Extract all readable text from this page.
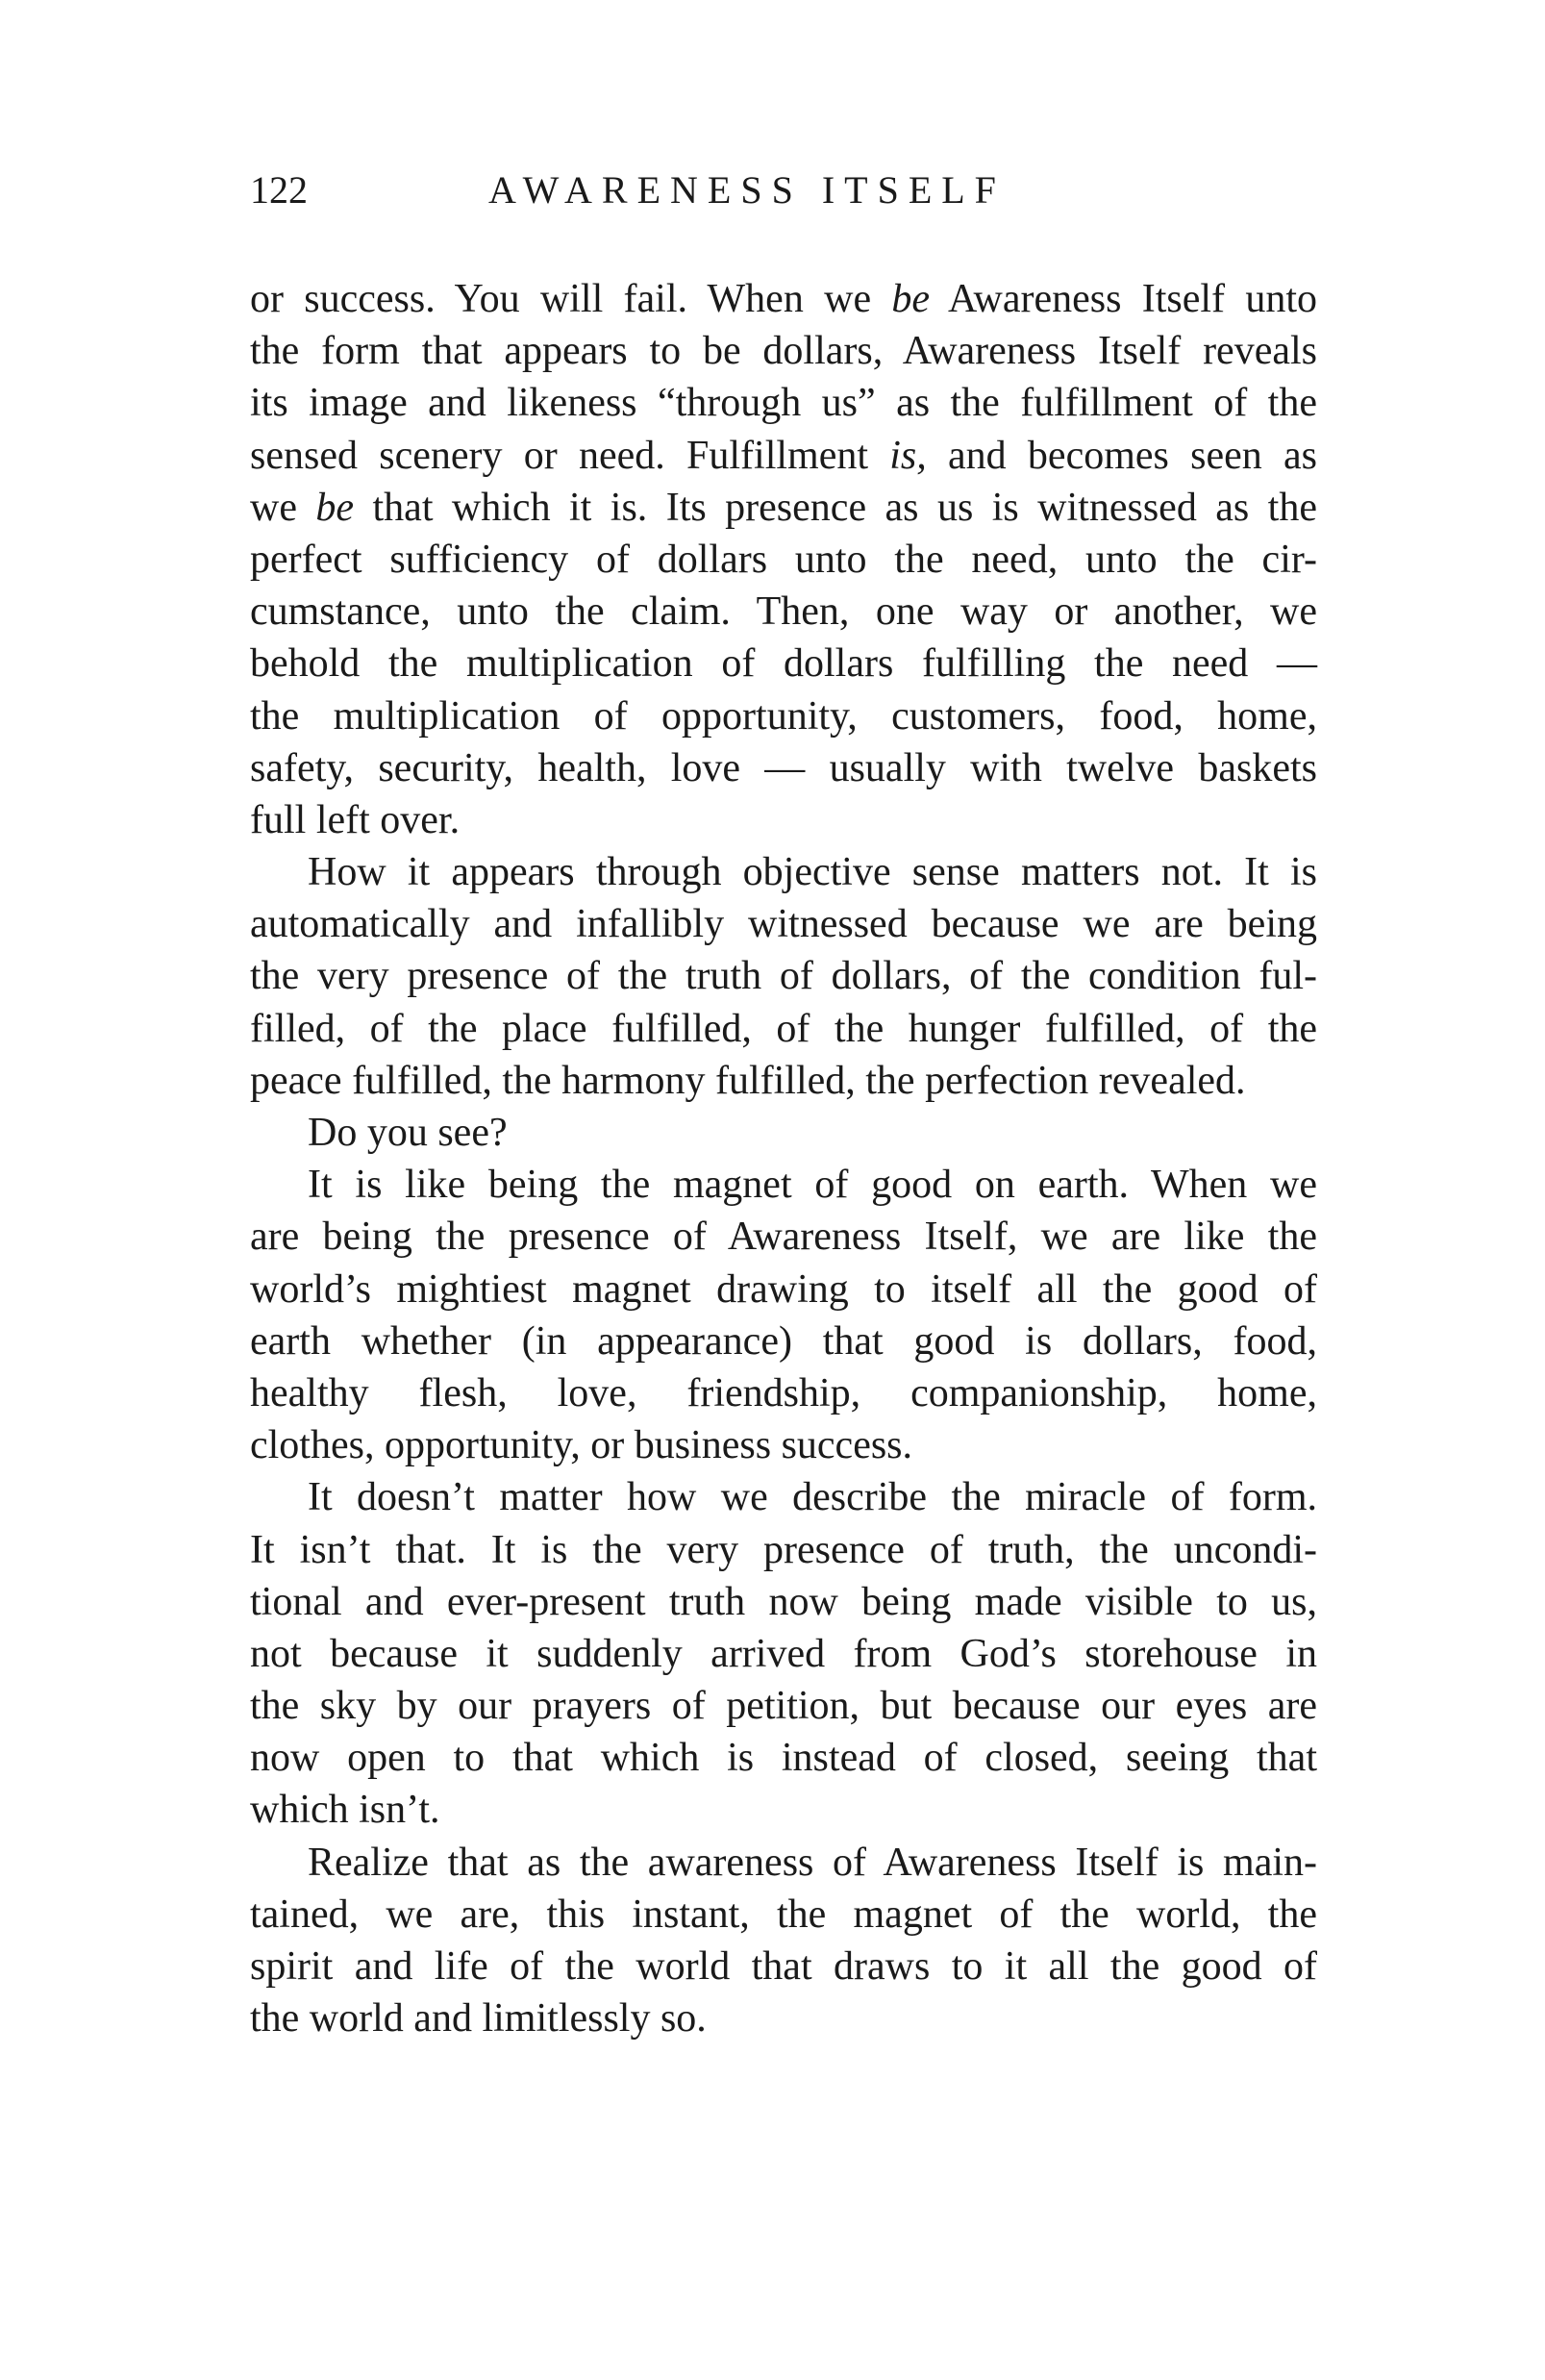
122	AWARENESS ITSELF
or success. You will fail. When we be Awareness Itself unto
the form that appears to be dollars, Awareness Itself reveals
its image and likeness “through us” as the fulfillment of the
sensed scenery or need. Fulfillment is, and becomes seen as
we be that which it is. Its presence as us is witnessed as the
perfect sufficiency of dollars unto the need, unto the cir-
cumstance, unto the claim. Then, one way or another, we
behold the multiplication of dollars fulfilling the need —
the multiplication of opportunity, customers, food, home,
safety, security, health, love — usually with twelve baskets
full left over.
How it appears through objective sense matters not. It is
automatically and infallibly witnessed because we are being
the very presence of the truth of dollars, of the condition ful-
filled, of the place fulfilled, of the hunger fulfilled, of the
peace fulfilled, the harmony fulfilled, the perfection revealed.
Do you see?
It is like being the magnet of good on earth. When we
are being the presence of Awareness Itself, we are like the
world’s mightiest magnet drawing to itself all the good of
earth whether (in appearance) that good is dollars, food,
healthy flesh, love, friendship, companionship, home,
clothes, opportunity, or business success.
It doesn’t matter how we describe the miracle of form.
It isn’t that. It is the very presence of truth, the uncondi-
tional and ever-present truth now being made visible to us,
not because it suddenly arrived from God’s storehouse in
the sky by our prayers of petition, but because our eyes are
now open to that which is instead of closed, seeing that
which isn’t.
Realize that as the awareness of Awareness Itself is main-
tained, we are, this instant, the magnet of the world, the
spirit and life of the world that draws to it all the good of
the world and limitlessly so.
